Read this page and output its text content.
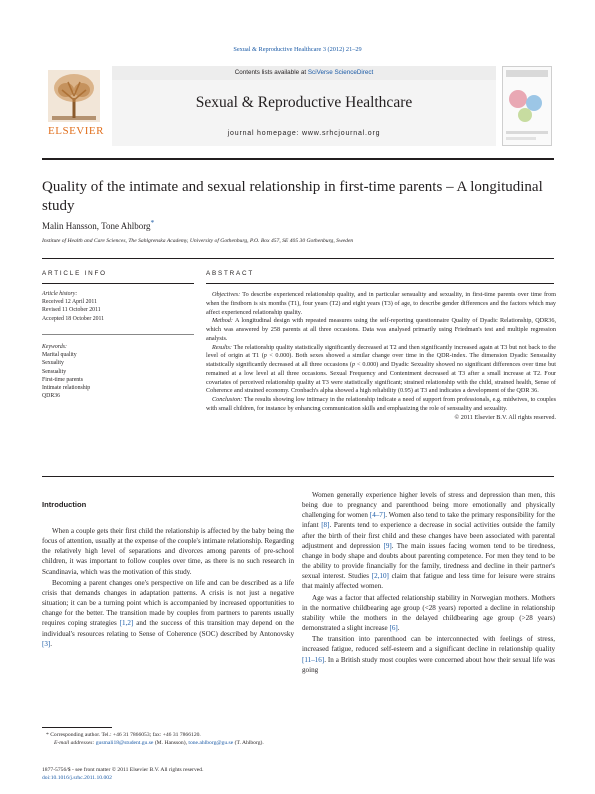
Sexual & Reproductive Healthcare 3 (2012) 21–29
ELSEVIER
Contents lists available at SciVerse ScienceDirect
Sexual & Reproductive Healthcare
journal homepage: www.srhcjournal.org
Quality of the intimate and sexual relationship in first-time parents – A longitudinal study
Malin Hansson, Tone Ahlborg*
Institute of Health and Care Sciences, The Sahlgrenska Academy, University of Gothenburg, P.O. Box 457, SE 405 30 Gothenburg, Sweden
ARTICLE INFO
Article history:
Received 12 April 2011
Revised 11 October 2011
Accepted 18 October 2011
Keywords:
Marital quality
Sexuality
Sensuality
First-time parents
Intimate relationship
QDR36
ABSTRACT

Objectives: To describe experienced relationship quality, and in particular sensuality and sexuality, in first-time parents over time from when the firstborn is six months (T1), four years (T2) and eight years (T3) of age, to describe gender differences and the factors which may affect experienced relationship quality.

Method: A longitudinal design with repeated measures using the self-reporting questionnaire Quality of Dyadic Relationship, QDR36, which was answered by 258 parents at all three occasions. Data was analysed primarily using Friedman's test and multiple regression analysis.

Results: The relationship quality statistically significantly decreased at T2 and then significantly increased again at T3 but not back to the level of origin at T1 (p < 0.000). Both sexes showed a similar change over time in the QDR-index. The dimension Dyadic Sensuality statistically significantly decreased at all three occasions (p < 0.000) and Dyadic Sexuality showed no significant differences over time but remained at a low level at all three occasions. Sexual Frequency and Contentment decreased at T3 after a small increase at T2. Four covariates of perceived relationship quality at T3 were statistically significant; strained relationship with the child, strained health, Sense of Coherence and strained economy. Cronbach's alpha showed a high reliability (0.95) at T3 and indicates a development of the QDR 36.

Conclusion: The results showing low intimacy in the relationship indicate a need of support from professionals, e.g. midwives, to couples with small children, for instance by enhancing communication skills and emphasizing the role of sensuality and sexuality.

© 2011 Elsevier B.V. All rights reserved.

Introduction

When a couple gets their first child the relationship is affected by the baby being the focus of attention, usually at the expense of the couple's intimate relationship. Regarding the relatively high level of separations and divorces among parents of pre-school children, it was important to follow couples over time, as there is no such research in Scandinavia, which was the motivation of this study.

Becoming a parent changes one's perspective on life and can be described as a life crisis that demands changes in adaptation patterns. A crisis is not just a negative situation; it can be a turning point which is accompanied by increased opportunities to change for the better. The transition made by couples from partners to parents usually requires coping strategies [1,2] and the success of this transition may depend on the individual's resources relating to Sense of Coherence (SOC) described by Antonovsky [3].

Women generally experience higher levels of stress and depression than men, this being due to pregnancy and parenthood being more emotionally and physically challenging for women [4–7]. Women also tend to take the primary responsibility for the infant [8]. Parents tend to experience a decrease in social activities outside the family after the birth of their first child and these changes have been associated with parental adjustment and depression [9]. The main issues facing women tend to be tiredness, change in body shape and doubts about parenting competence. For men they tend to be the ability to provide financially for the family, tiredness and decline in their partner's sexual interest. Studies [2,10] claim that fatigue and less time for leisure were strains that mainly affected women.

Age was a factor that affected relationship stability in Norwegian mothers. Mothers in the normative childbearing age group (<28 years) reported a decline in relationship stability while the mothers in the delayed childbearing age group (>28 years) demonstrated a slight increase [6].

The transition into parenthood can be interconnected with feelings of stress, increased fatigue, reduced self-esteem and a significant decline in relationship quality [11–16]. In a British study most couples were concerned about how their sexual life was going

* Corresponding author. Tel.: +46 31 7866053; fax: +46 31 7866120.
E-mail addresses: gusmali18@student.gu.se (M. Hansson), tone.ahlborg@gu.se (T. Ahlborg).
1877-5756/$ - see front matter © 2011 Elsevier B.V. All rights reserved.
doi:10.1016/j.srhc.2011.10.002
